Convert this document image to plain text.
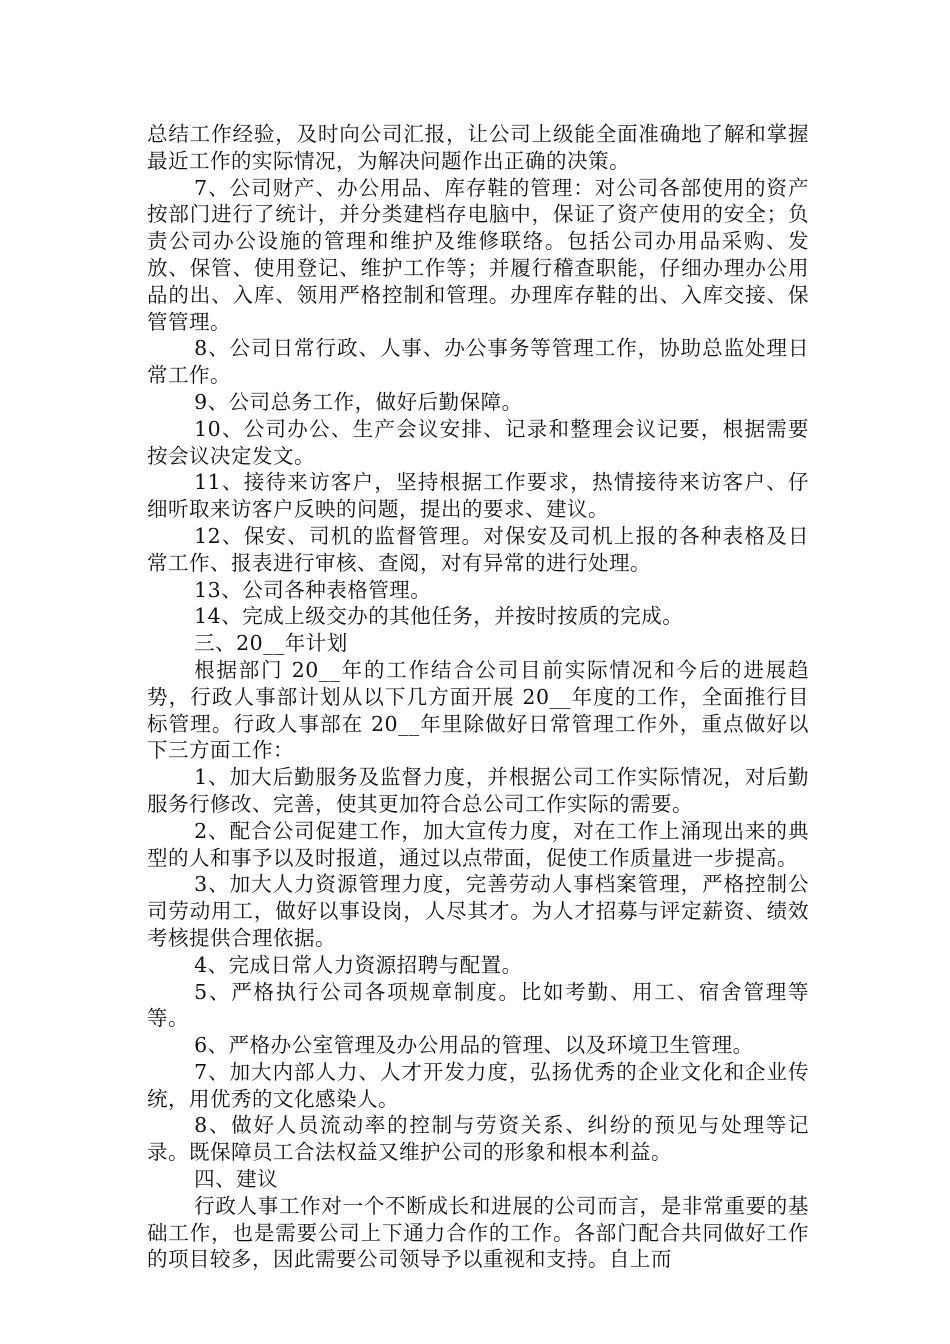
总结工作经验，及时向公司汇报，让公司上级能全面准确地了解和掌握最近工作的实际情况，为解决问题作出正确的决策。

7、公司财产、办公用品、库存鞋的管理：对公司各部使用的资产按部门进行了统计，并分类建档存电脑中，保证了资产使用的安全；负责公司办公设施的管理和维护及维修联络。包括公司办用品采购、发放、保管、使用登记、维护工作等；并履行稽查职能，仔细办理办公用品的出、入库、领用严格控制和管理。办理库存鞋的出、入库交接、保管管理。

8、公司日常行政、人事、办公事务等管理工作，协助总监处理日常工作。

9、公司总务工作，做好后勤保障。

10、公司办公、生产会议安排、记录和整理会议记要，根据需要按会议决定发文。

11、接待来访客户，坚持根据工作要求，热情接待来访客户、仔细听取来访客户反映的问题，提出的要求、建议。

12、保安、司机的监督管理。对保安及司机上报的各种表格及日常工作、报表进行审核、查阅，对有异常的进行处理。

13、公司各种表格管理。

14、完成上级交办的其他任务，并按时按质的完成。

三、20__年计划

根据部门 20__年的工作结合公司目前实际情况和今后的进展趋势，行政人事部计划从以下几方面开展 20__年度的工作，全面推行目标管理。行政人事部在 20__年里除做好日常管理工作外，重点做好以下三方面工作：

1、加大后勤服务及监督力度，并根据公司工作实际情况，对后勤服务行修改、完善，使其更加符合总公司工作实际的需要。

2、配合公司促建工作，加大宣传力度，对在工作上涌现出来的典型的人和事予以及时报道，通过以点带面，促使工作质量进一步提高。

3、加大人力资源管理力度，完善劳动人事档案管理，严格控制公司劳动用工，做好以事设岗，人尽其才。为人才招募与评定薪资、绩效考核提供合理依据。

4、完成日常人力资源招聘与配置。

5、严格执行公司各项规章制度。比如考勤、用工、宿舍管理等等。

6、严格办公室管理及办公用品的管理、以及环境卫生管理。

7、加大内部人力、人才开发力度，弘扬优秀的企业文化和企业传统，用优秀的文化感染人。

8、做好人员流动率的控制与劳资关系、纠纷的预见与处理等记录。既保障员工合法权益又维护公司的形象和根本利益。

四、建议

行政人事工作对一个不断成长和进展的公司而言，是非常重要的基础工作，也是需要公司上下通力合作的工作。各部门配合共同做好工作的项目较多，因此需要公司领导予以重视和支持。自上而
